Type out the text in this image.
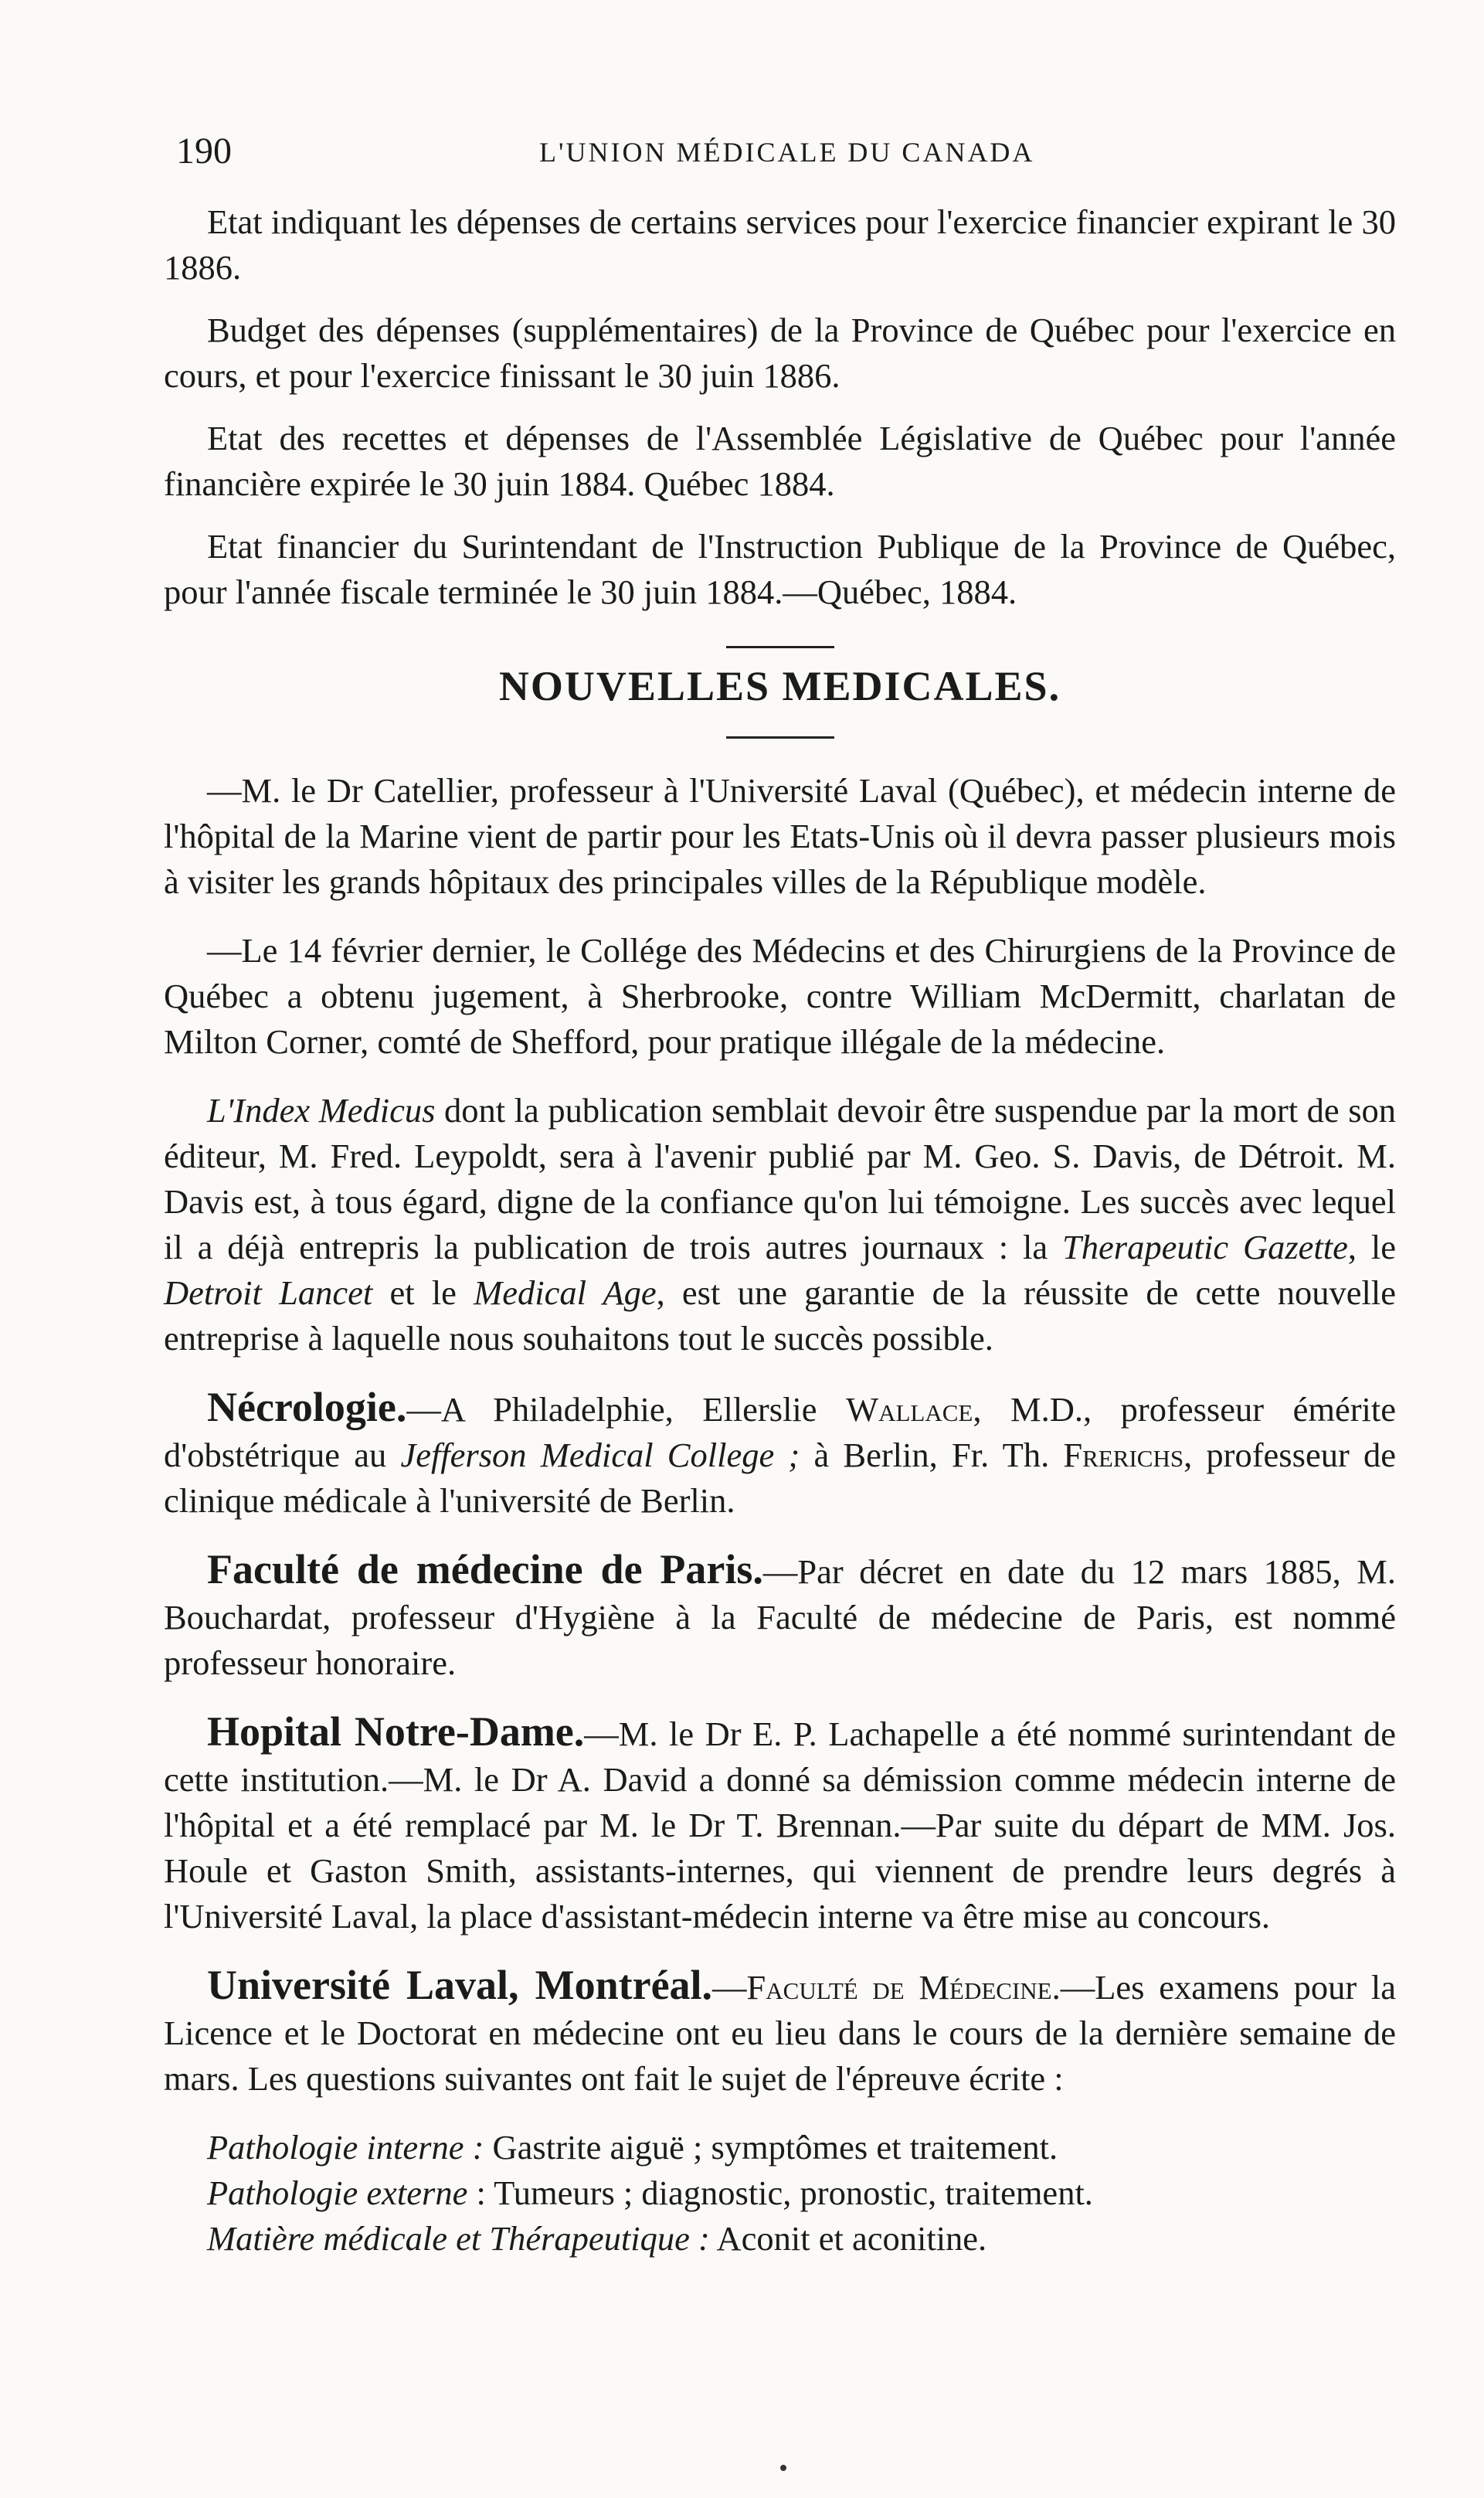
190	L'UNION MÉDICALE DU CANADA

Etat indiquant les dépenses de certains services pour l'exercice financier expirant le 30 1886.

Budget des dépenses (supplémentaires) de la Province de Québec pour l'exercice en cours, et pour l'exercice finissant le 30 juin 1886.

Etat des recettes et dépenses de l'Assemblée Législative de Québec pour l'année financière expirée le 30 juin 1884. Québec 1884.

Etat financier du Surintendant de l'Instruction Publique de la Province de Québec, pour l'année fiscale terminée le 30 juin 1884.—Québec, 1884.

NOUVELLES MEDICALES.

—M. le Dr Catellier, professeur à l'Université Laval (Québec), et médecin interne de l'hôpital de la Marine vient de partir pour les Etats-Unis où il devra passer plusieurs mois à visiter les grands hôpitaux des principales villes de la République modèle.

—Le 14 février dernier, le Collége des Médecins et des Chirurgiens de la Province de Québec a obtenu jugement, à Sherbrooke, contre William McDermitt, charlatan de Milton Corner, comté de Shefford, pour pratique illégale de la médecine.

L'Index Medicus dont la publication semblait devoir être suspendue par la mort de son éditeur, M. Fred. Leypoldt, sera à l'avenir publié par M. Geo. S. Davis, de Détroit. M. Davis est, à tous égard, digne de la confiance qu'on lui témoigne. Les succès avec lequel il a déjà entrepris la publication de trois autres journaux : la Therapeutic Gazette, le Detroit Lancet et le Medical Age, est une garantie de la réussite de cette nouvelle entreprise à laquelle nous souhaitons tout le succès possible.

Nécrologie.—A Philadelphie, Ellerslie Wallace, M.D., professeur émérite d'obstétrique au Jefferson Medical College ; à Berlin, Fr. Th. Frerichs, professeur de clinique médicale à l'université de Berlin.

Faculté de médecine de Paris.—Par décret en date du 12 mars 1885, M. Bouchardat, professeur d'Hygiène à la Faculté de médecine de Paris, est nommé professeur honoraire.

Hopital Notre-Dame.—M. le Dr E. P. Lachapelle a été nommé surintendant de cette institution.—M. le Dr A. David a donné sa démission comme médecin interne de l'hôpital et a été remplacé par M. le Dr T. Brennan.—Par suite du départ de MM. Jos. Houle et Gaston Smith, assistants-internes, qui viennent de prendre leurs degrés à l'Université Laval, la place d'assistant-médecin interne va être mise au concours.

Université Laval, Montréal.—Faculté de Médecine.—Les examens pour la Licence et le Doctorat en médecine ont eu lieu dans le cours de la dernière semaine de mars. Les questions suivantes ont fait le sujet de l'épreuve écrite :

Pathologie interne : Gastrite aiguë ; symptômes et traitement.
Pathologie externe : Tumeurs ; diagnostic, pronostic, traitement.
Matière médicale et Thérapeutique : Aconit et aconitine.
